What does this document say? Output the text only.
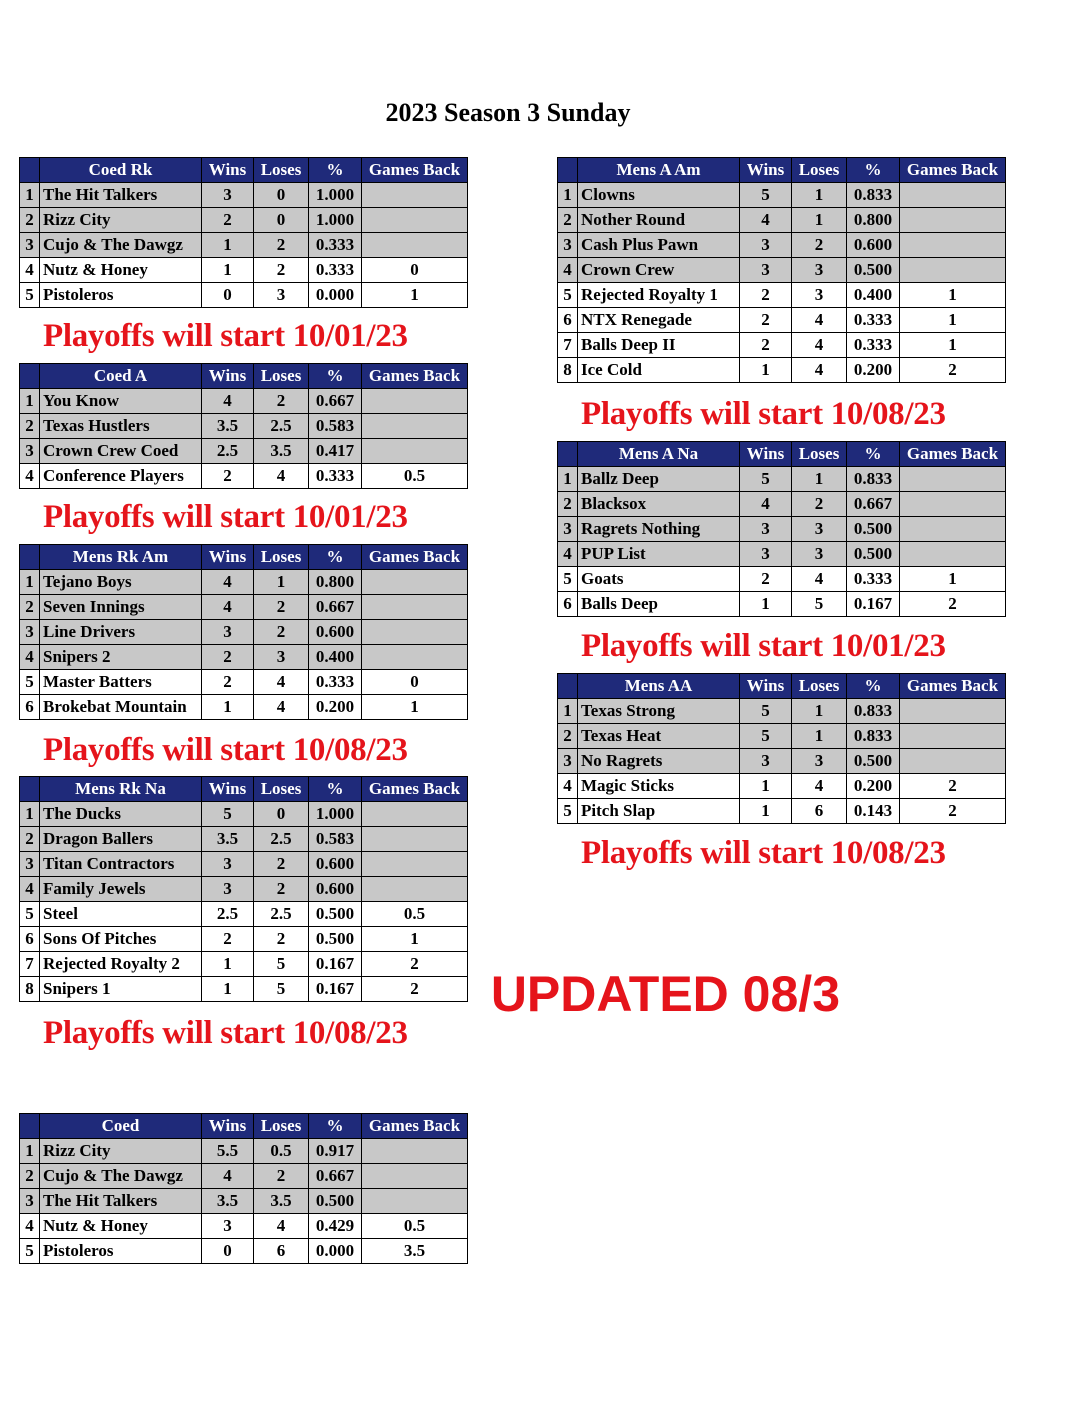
2023 Season 3 Sunday
	Coed Rk	Wins	Loses	%	Games Back
1	The Hit Talkers	3	0	1.000	
2	Rizz City	2	0	1.000	
3	Cujo & The Dawgz	1	2	0.333	
4	Nutz & Honey	1	2	0.333	0
5	Pistoleros	0	3	0.000	1
Playoffs will start 10/01/23
	Coed A	Wins	Loses	%	Games Back
1	You Know	4	2	0.667	
2	Texas Hustlers	3.5	2.5	0.583	
3	Crown Crew Coed	2.5	3.5	0.417	
4	Conference Players	2	4	0.333	0.5
Playoffs will start 10/01/23
	Mens Rk Am	Wins	Loses	%	Games Back
1	Tejano Boys	4	1	0.800	
2	Seven Innings	4	2	0.667	
3	Line Drivers	3	2	0.600	
4	Snipers 2	2	3	0.400	
5	Master Batters	2	4	0.333	0
6	Brokebat Mountain	1	4	0.200	1
Playoffs will start 10/08/23
	Mens Rk Na	Wins	Loses	%	Games Back
1	The Ducks	5	0	1.000	
2	Dragon Ballers	3.5	2.5	0.583	
3	Titan Contractors	3	2	0.600	
4	Family Jewels	3	2	0.600	
5	Steel	2.5	2.5	0.500	0.5
6	Sons Of Pitches	2	2	0.500	1
7	Rejected Royalty 2	1	5	0.167	2
8	Snipers 1	1	5	0.167	2
Playoffs will start 10/08/23
	Coed	Wins	Loses	%	Games Back
1	Rizz City	5.5	0.5	0.917	
2	Cujo & The Dawgz	4	2	0.667	
3	The Hit Talkers	3.5	3.5	0.500	
4	Nutz & Honey	3	4	0.429	0.5
5	Pistoleros	0	6	0.000	3.5
	Mens A Am	Wins	Loses	%	Games Back
1	Clowns	5	1	0.833	
2	Nother Round	4	1	0.800	
3	Cash Plus Pawn	3	2	0.600	
4	Crown Crew	3	3	0.500	
5	Rejected Royalty 1	2	3	0.400	1
6	NTX Renegade	2	4	0.333	1
7	Balls Deep II	2	4	0.333	1
8	Ice Cold	1	4	0.200	2
Playoffs will start 10/08/23
	Mens A Na	Wins	Loses	%	Games Back
1	Ballz Deep	5	1	0.833	
2	Blacksox	4	2	0.667	
3	Ragrets Nothing	3	3	0.500	
4	PUP List	3	3	0.500	
5	Goats	2	4	0.333	1
6	Balls Deep	1	5	0.167	2
Playoffs will start 10/01/23
	Mens AA	Wins	Loses	%	Games Back
1	Texas Strong	5	1	0.833	
2	Texas Heat	5	1	0.833	
3	No Ragrets	3	3	0.500	
4	Magic Sticks	1	4	0.200	2
5	Pitch Slap	1	6	0.143	2
Playoffs will start 10/08/23
UPDATED 08/3
